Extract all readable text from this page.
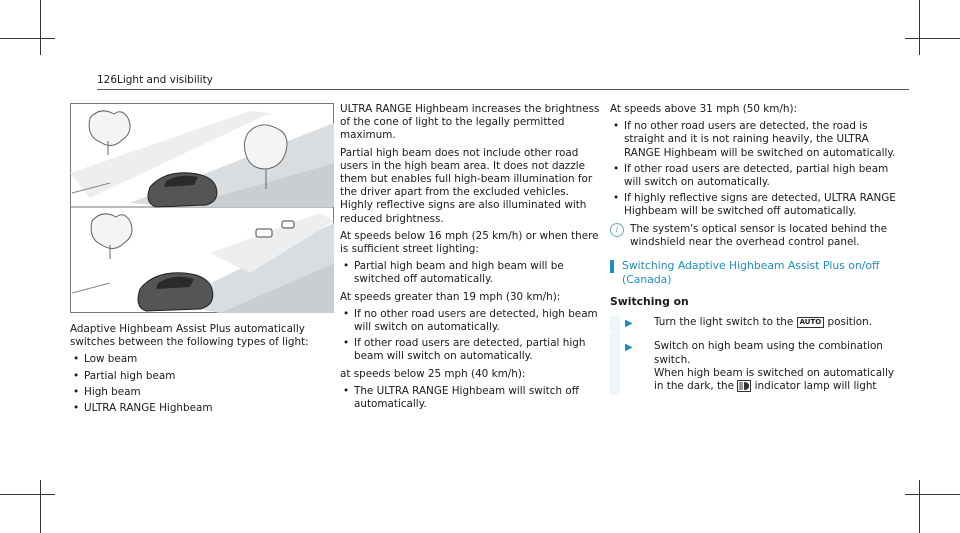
126 Light and visibility

Adaptive Highbeam Assist Plus automatically switches between the following types of light:

• Low beam
• Partial high beam
• High beam
• ULTRA RANGE Highbeam

ULTRA RANGE Highbeam increases the brightness of the cone of light to the legally permitted maximum.

Partial high beam does not include other road users in the high beam area. It does not dazzle them but enables full high-beam illumination for the driver apart from the excluded vehicles. Highly reflective signs are also illuminated with reduced brightness.

At speeds below 16 mph (25 km/h) or when there is sufficient street lighting:

• Partial high beam and high beam will be switched off automatically.

At speeds greater than 19 mph (30 km/h):

• If no other road users are detected, high beam will switch on automatically.
• If other road users are detected, partial high beam will switch on automatically.

at speeds below 25 mph (40 km/h):

• The ULTRA RANGE Highbeam will switch off automatically.

At speeds above 31 mph (50 km/h):

• If no other road users are detected, the road is straight and it is not raining heavily, the ULTRA RANGE Highbeam will be switched on automatically.
• If other road users are detected, partial high beam will switch on automatically.
• If highly reflective signs are detected, ULTRA RANGE Highbeam will be switched off automatically.
i	The system's optical sensor is located behind the windshield near the overhead control panel.
Switching Adaptive Highbeam Assist Plus on/off (Canada)
Switching on
▶	Turn the light switch to the AUTO position.
▶	Switch on high beam using the combination switch.
When high beam is switched on automatically in the dark, the indicator lamp will light
